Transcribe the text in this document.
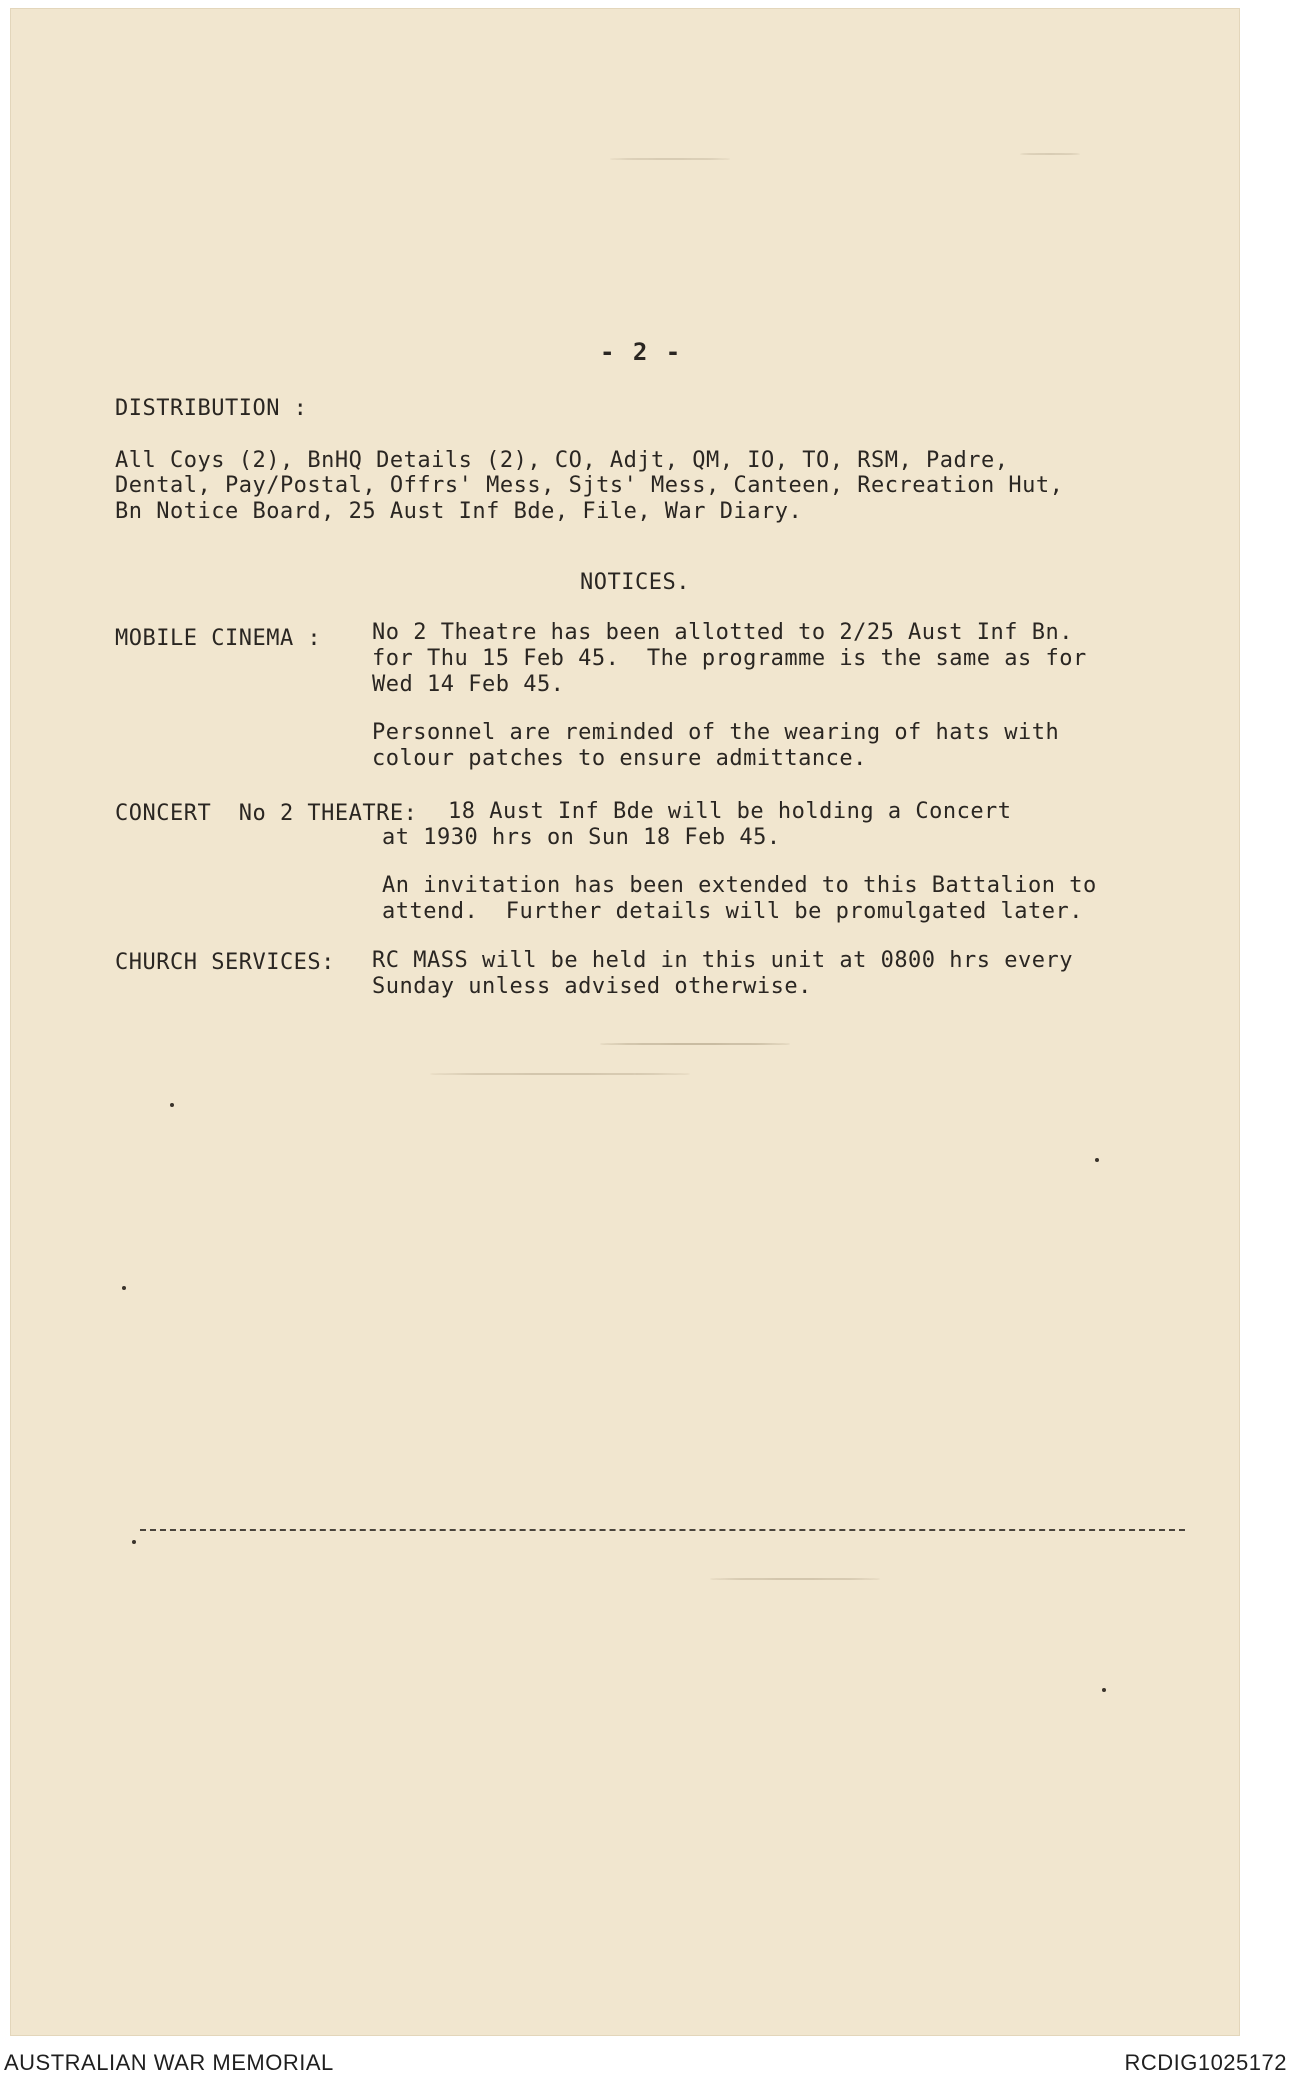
- 2 -
DISTRIBUTION :
All Coys (2), BnHQ Details (2), CO, Adjt, QM, IO, TO, RSM, Padre,
Dental, Pay/Postal, Offrs' Mess, Sjts' Mess, Canteen, Recreation Hut,
Bn Notice Board, 25 Aust Inf Bde, File, War Diary.
NOTICES.
MOBILE CINEMA : No 2 Theatre has been allotted to 2/25 Aust Inf Bn.
for Thu 15 Feb 45.  The programme is the same as for
Wed 14 Feb 45.
Personnel are reminded of the wearing of hats with
colour patches to ensure admittance.
CONCERT  No 2 THEATRE: 18 Aust Inf Bde will be holding a Concert
at 1930 hrs on Sun 18 Feb 45.
An invitation has been extended to this Battalion to
attend.  Further details will be promulgated later.
CHURCH SERVICES: RC MASS will be held in this unit at 0800 hrs every
Sunday unless advised otherwise.
AUSTRALIAN WAR MEMORIAL	RCDIG1025172
